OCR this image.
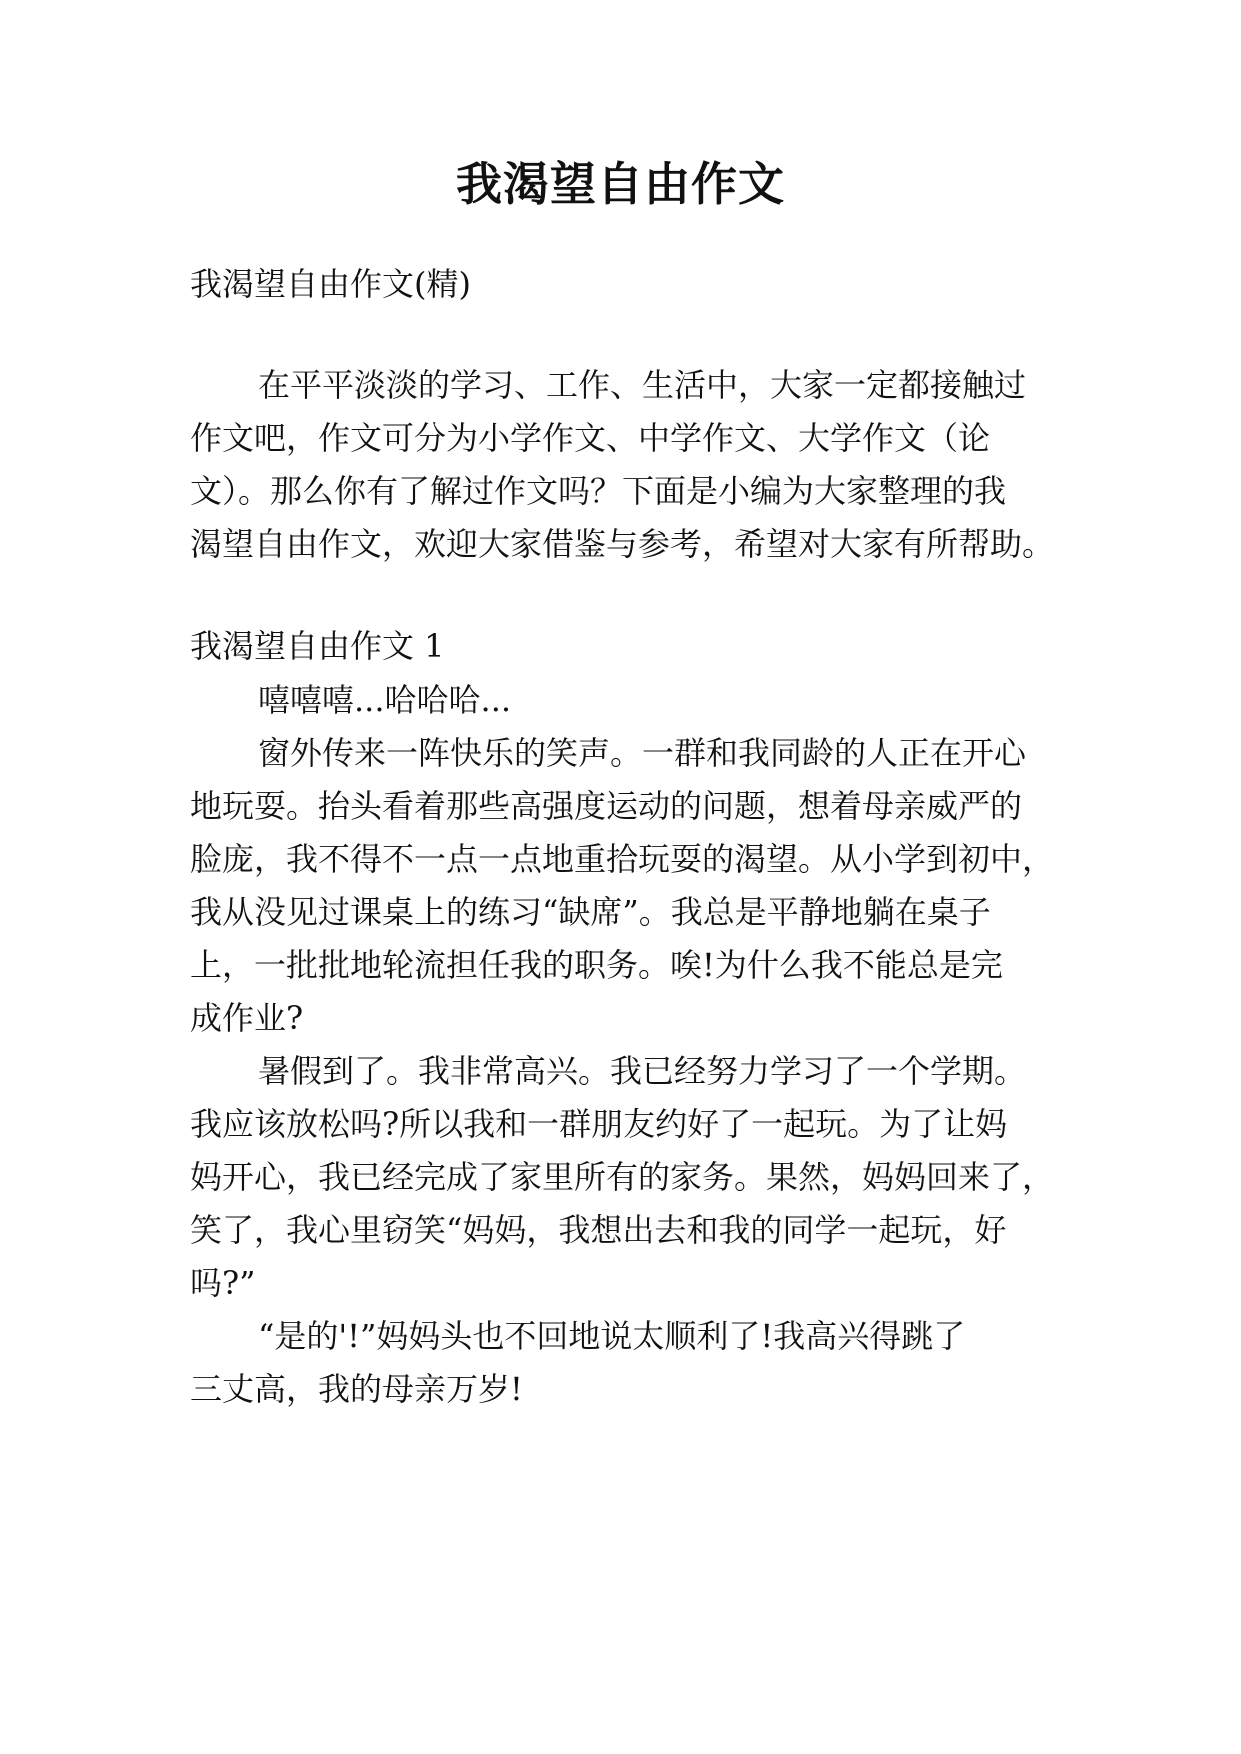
我渴望自由作文
我渴望自由作文(精)
在平平淡淡的学习、工作、生活中，大家一定都接触过
作文吧，作文可分为小学作文、中学作文、大学作文（论
文）。那么你有了解过作文吗？下面是小编为大家整理的我
渴望自由作文，欢迎大家借鉴与参考，希望对大家有所帮助。
我渴望自由作文 1
嘻嘻嘻...哈哈哈...
窗外传来一阵快乐的笑声。一群和我同龄的人正在开心
地玩耍。抬头看着那些高强度运动的问题，想着母亲威严的
脸庞，我不得不一点一点地重拾玩耍的渴望。从小学到初中，
我从没见过课桌上的练习“缺席”。我总是平静地躺在桌子
上，一批批地轮流担任我的职务。唉!为什么我不能总是完
成作业?
暑假到了。我非常高兴。我已经努力学习了一个学期。
我应该放松吗?所以我和一群朋友约好了一起玩。为了让妈
妈开心，我已经完成了家里所有的家务。果然，妈妈回来了，
笑了，我心里窃笑“妈妈，我想出去和我的同学一起玩，好
吗?”
“是的'!”妈妈头也不回地说太顺利了!我高兴得跳了
三丈高，我的母亲万岁!
